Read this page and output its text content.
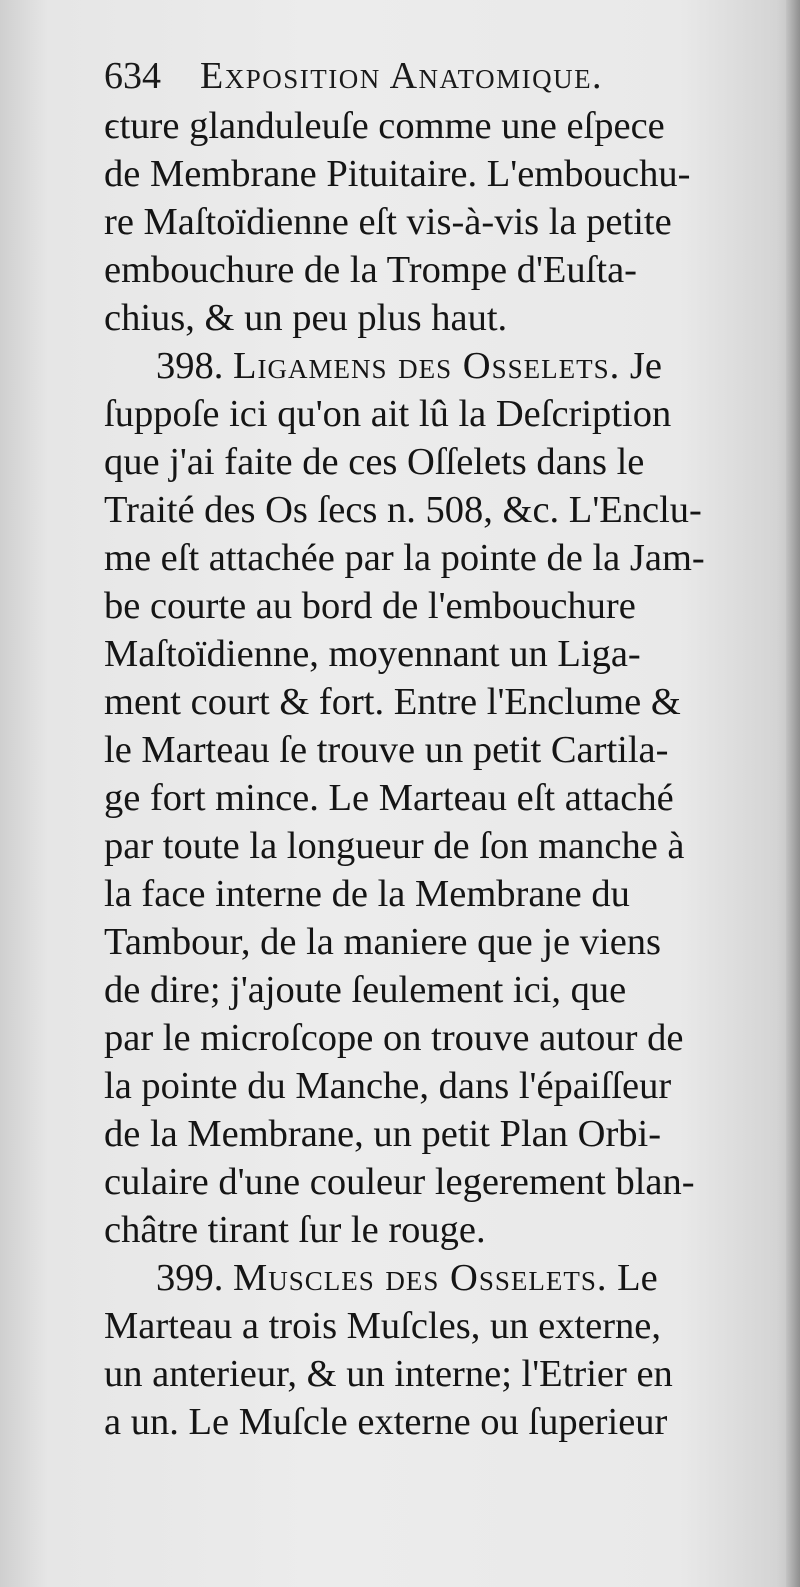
634 Exposition Anatomique.
ϵture glanduleuſe comme une eſpece
de Membrane Pituitaire. L'embouchu-
re Maſtoïdienne eſt vis-à-vis la petite
embouchure de la Trompe d'Euſta-
chius, & un peu plus haut.
398. Ligamens des Osselets. Je
ſuppoſe ici qu'on ait lû la Deſcription
que j'ai faite de ces Oſſelets dans le
Traité des Os ſecs n. 508, &c. L'Enclu-
me eſt attachée par la pointe de la Jam-
be courte au bord de l'embouchure
Maſtoïdienne, moyennant un Liga-
ment court & fort. Entre l'Enclume &
le Marteau ſe trouve un petit Cartila-
ge fort mince. Le Marteau eſt attaché
par toute la longueur de ſon manche à
la face interne de la Membrane du
Tambour, de la maniere que je viens
de dire; j'ajoute ſeulement ici, que
par le microſcope on trouve autour de
la pointe du Manche, dans l'épaiſſeur
de la Membrane, un petit Plan Orbi-
culaire d'une couleur legerement blan-
châtre tirant ſur le rouge.
399. Muscles des Osselets. Le
Marteau a trois Muſcles, un externe,
un anterieur, & un interne; l'Etrier en
a un. Le Muſcle externe ou ſuperieur
